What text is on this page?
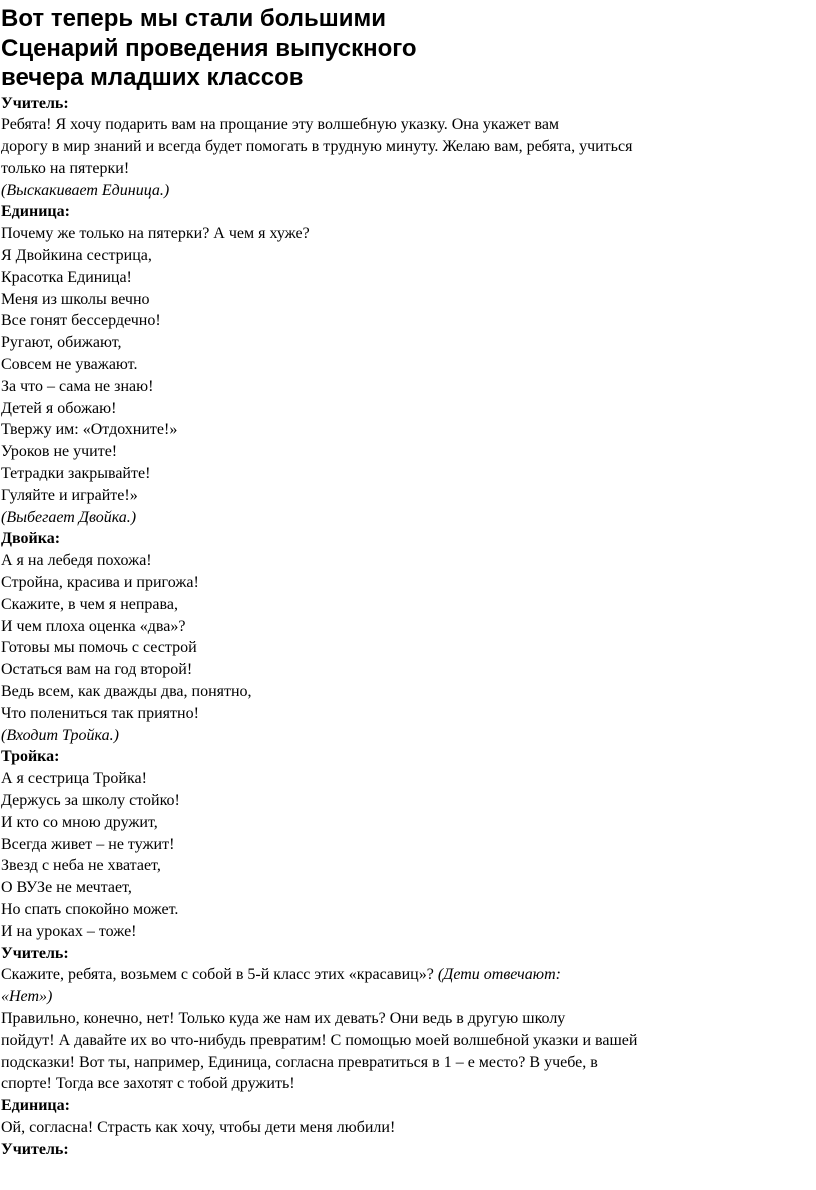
Вот теперь мы стали большими
Сценарий проведения выпускного
вечера младших классов
Учитель:
Ребята! Я хочу подарить вам на прощание эту волшебную указку. Она укажет вам
дорогу в мир знаний и всегда будет помогать в трудную минуту. Желаю вам, ребята, учиться
только на пятерки!
(Выскакивает Единица.)
Единица:
Почему же только на пятерки? А чем я хуже?
Я Двойкина сестрица,
Красотка Единица!
Меня из школы вечно
Все гонят бессердечно!
Ругают, обижают,
Совсем не уважают.
За что – сама не знаю!
Детей я обожаю!
Твержу им: «Отдохните!»
Уроков не учите!
Тетрадки закрывайте!
Гуляйте и играйте!»
(Выбегает Двойка.)
Двойка:
А я на лебедя похожа!
Стройна, красива и пригожа!
Скажите, в чем я неправа,
И чем плоха оценка «два»?
Готовы мы помочь с сестрой
Остаться вам на год второй!
Ведь всем, как дважды два, понятно,
Что полениться так приятно!
(Входит Тройка.)
Тройка:
А я сестрица Тройка!
Держусь за школу стойко!
И кто со мною дружит,
Всегда живет – не тужит!
Звезд с неба не хватает,
О ВУЗе не мечтает,
Но спать спокойно может.
И на уроках – тоже!
Учитель:
Скажите, ребята, возьмем с собой в 5-й класс этих «красавиц»? (Дети отвечают:
«Нет»)
Правильно, конечно, нет! Только куда же нам их девать? Они ведь в другую школу
пойдут! А давайте их во что-нибудь превратим! С помощью моей волшебной указки и вашей
подсказки! Вот ты, например, Единица, согласна превратиться в 1 – е место? В учебе, в
спорте! Тогда все захотят с тобой дружить!
Единица:
Ой, согласна! Страсть как хочу, чтобы дети меня любили!
Учитель:
